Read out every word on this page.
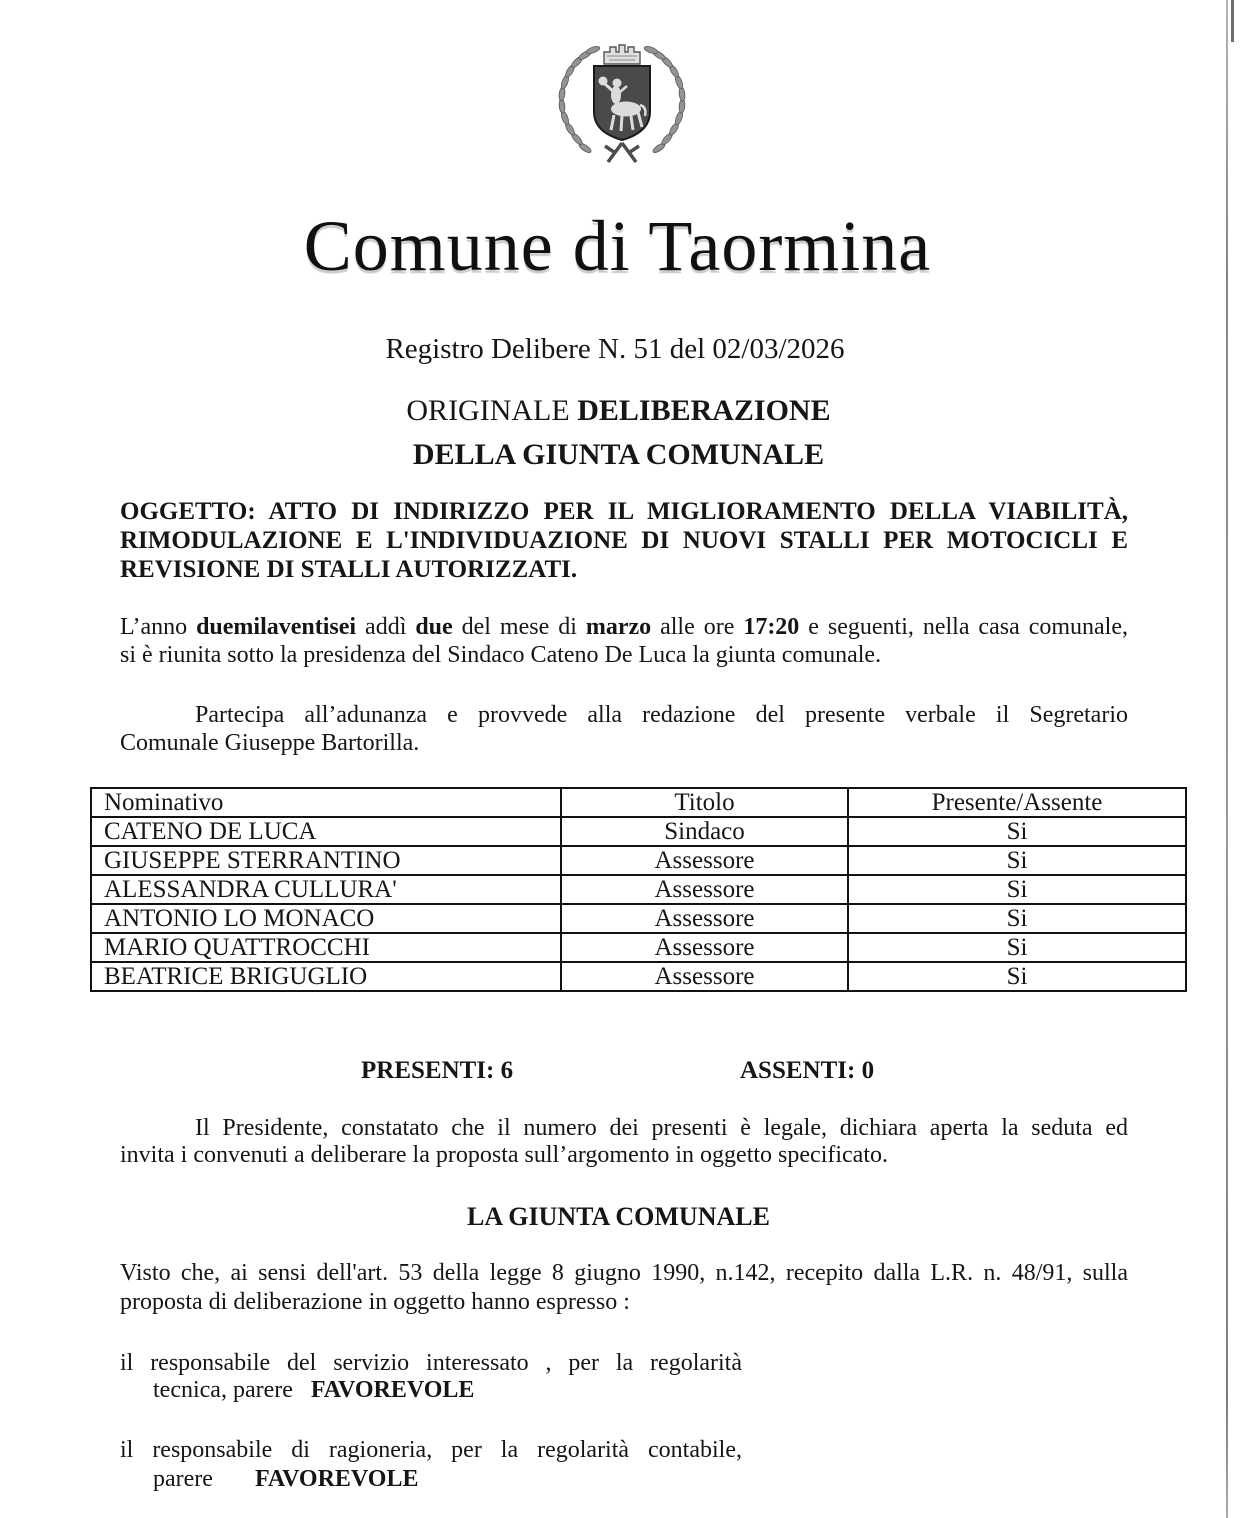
Comune di Taormina
Registro Delibere N. 51 del 02/03/2026
ORIGINALE DELIBERAZIONE
DELLA GIUNTA COMUNALE
OGGETTO: ATTO DI INDIRIZZO PER IL MIGLIORAMENTO DELLA VIABILITÀ,
RIMODULAZIONE E L'INDIVIDUAZIONE DI NUOVI STALLI PER MOTOCICLI E
REVISIONE DI STALLI AUTORIZZATI.
L’anno duemilaventisei addì due del mese di marzo alle ore 17:20 e seguenti, nella casa comunale,
si è riunita sotto la presidenza del Sindaco Cateno De Luca la giunta comunale.
Partecipa all’adunanza e provvede alla redazione del presente verbale il Segretario
Comunale Giuseppe Bartorilla.
Nominativo	Titolo	Presente/Assente
CATENO DE LUCA	Sindaco	Si
GIUSEPPE STERRANTINO	Assessore	Si
ALESSANDRA CULLURA'	Assessore	Si
ANTONIO LO MONACO	Assessore	Si
MARIO QUATTROCCHI	Assessore	Si
BEATRICE BRIGUGLIO	Assessore	Si
PRESENTI: 6	ASSENTI: 0
Il Presidente, constatato che il numero dei presenti è legale, dichiara aperta la seduta ed
invita i convenuti a deliberare la proposta sull’argomento in oggetto specificato.
LA GIUNTA COMUNALE
Visto che, ai sensi dell'art. 53 della legge 8 giugno 1990, n.142, recepito dalla L.R. n. 48/91, sulla
proposta di deliberazione in oggetto hanno espresso :
il responsabile del servizio interessato , per la regolarità
tecnica, parere FAVOREVOLE
il responsabile di ragioneria, per la regolarità contabile,
parere FAVOREVOLE
